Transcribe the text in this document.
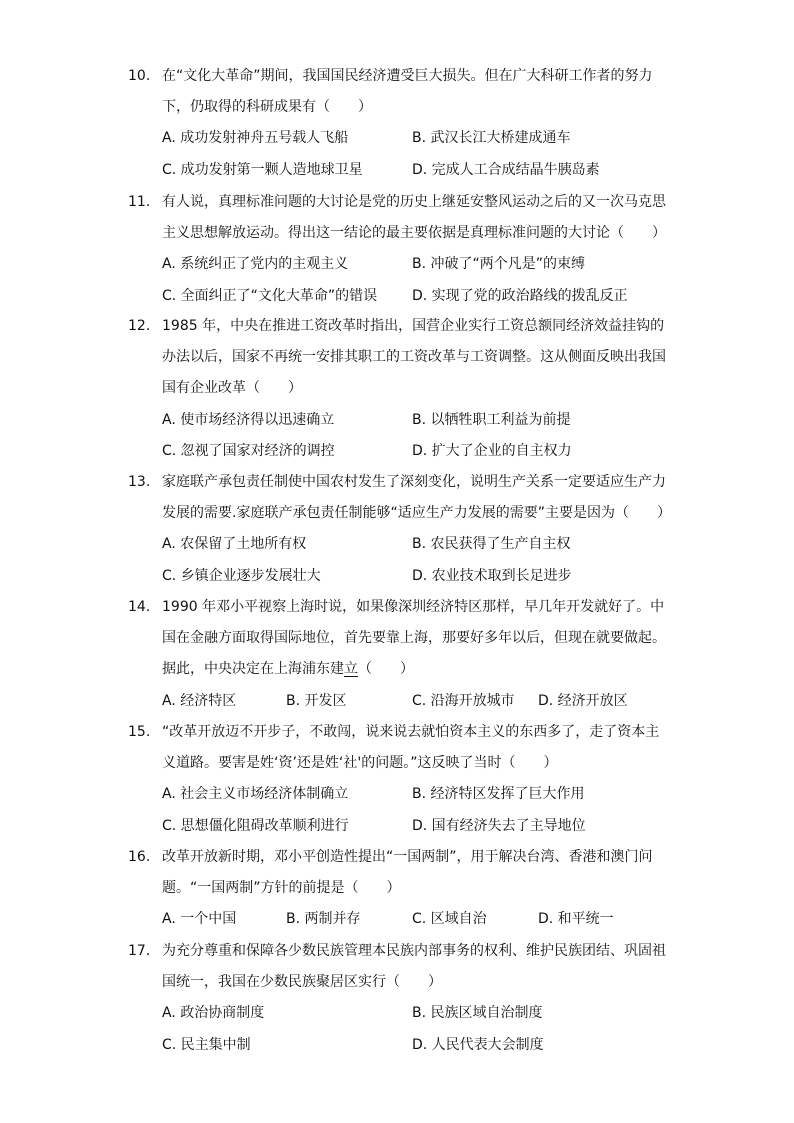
10. 在“文化大革命”期间，我国国民经济遭受巨大损失。但在广大科研工作者的努力
下，仍取得的科研成果有（　　）
A. 成功发射神舟五号载人飞船	B. 武汉长江大桥建成通车
C. 成功发射第一颗人造地球卫星	D. 完成人工合成结晶牛胰岛素
11. 有人说，真理标准问题的大讨论是党的历史上继延安整风运动之后的又一次马克思
主义思想解放运动。得出这一结论的最主要依据是真理标准问题的大讨论（　　）
A. 系统纠正了党内的主观主义	B. 冲破了“两个凡是”的束缚
C. 全面纠正了“文化大革命”的错误 D. 实现了党的政治路线的拨乱反正
12. 1985 年，中央在推进工资改革时指出，国营企业实行工资总额同经济效益挂钩的
办法以后，国家不再统一安排其职工的工资改革与工资调整。这从侧面反映出我国
国有企业改革（　　）
A. 使市场经济得以迅速确立	B. 以牺牲职工利益为前提
C. 忽视了国家对经济的调控	D. 扩大了企业的自主权力
13. 家庭联产承包责任制使中国农村发生了深刻变化，说明生产关系一定要适应生产力
发展的需要.家庭联产承包责任制能够“适应生产力发展的需要”主要是因为（　　）
A. 农保留了土地所有权	B. 农民获得了生产自主权
C. 乡镇企业逐步发展壮大	D. 农业技术取到长足进步
14. 1990 年邓小平视察上海时说，如果像深圳经济特区那样，早几年开发就好了。中
国在金融方面取得国际地位，首先要靠上海，那要好多年以后，但现在就要做起。
据此，中央决定在上海浦东建立（　　）
A. 经济特区	B. 开发区	C. 沿海开放城市 D. 经济开放区
15. “改革开放迈不开步子，不敢闯，说来说去就怕资本主义的东西多了，走了资本主
义道路。要害是姓‘资’还是姓‘社'的问题。”这反映了当时（　　）
A. 社会主义市场经济体制确立	B. 经济特区发挥了巨大作用
C. 思想僵化阻碍改革顺利进行	D. 国有经济失去了主导地位
16. 改革开放新时期，邓小平创造性提出“一国两制”，用于解决台湾、香港和澳门问
题。“一国两制”方针的前提是（　　）
A. 一个中国	B. 两制并存	C. 区域自治	D. 和平统一
17. 为充分尊重和保障各少数民族管理本民族内部事务的权利、维护民族团结、巩固祖
国统一，我国在少数民族聚居区实行（　　）
A. 政治协商制度	B. 民族区域自治制度
C. 民主集中制	D. 人民代表大会制度
